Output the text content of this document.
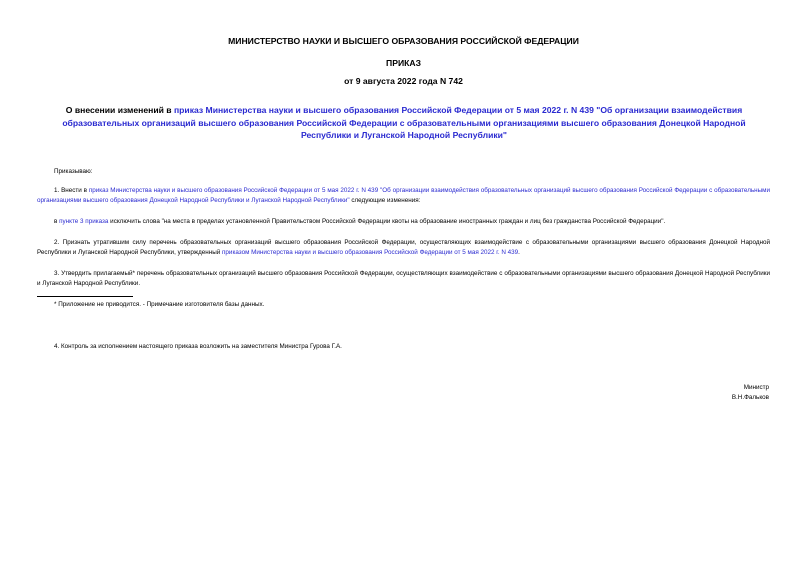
МИНИСТЕРСТВО НАУКИ И ВЫСШЕГО ОБРАЗОВАНИЯ РОССИЙСКОЙ ФЕДЕРАЦИИ
ПРИКАЗ
от 9 августа 2022 года N 742
О внесении изменений в приказ Министерства науки и высшего образования Российской Федерации от 5 мая 2022 г. N 439 "Об организации взаимодействия образовательных организаций высшего образования Российской Федерации с образовательными организациями высшего образования Донецкой Народной Республики и Луганской Народной Республики"
Приказываю:
1. Внести в приказ Министерства науки и высшего образования Российской Федерации от 5 мая 2022 г. N 439 "Об организации взаимодействия образовательных организаций высшего образования Российской Федерации с образовательными организациями высшего образования Донецкой Народной Республики и Луганской Народной Республики" следующие изменения:
в пункте 3 приказа исключить слова "на места в пределах установленной Правительством Российской Федерации квоты на образование иностранных граждан и лиц без гражданства Российской Федерации".
2. Признать утратившим силу перечень образовательных организаций высшего образования Российской Федерации, осуществляющих взаимодействие с образовательными организациями высшего образования Донецкой Народной Республики и Луганской Народной Республики, утвержденный приказом Министерства науки и высшего образования Российской Федерации от 5 мая 2022 г. N 439.
3. Утвердить прилагаемый* перечень образовательных организаций высшего образования Российской Федерации, осуществляющих взаимодействие с образовательными организациями высшего образования Донецкой Народной Республики и Луганской Народной Республики.
* Приложение не приводится. - Примечание изготовителя базы данных.
4. Контроль за исполнением настоящего приказа возложить на заместителя Министра Гурова Г.А.
Министр
В.Н.Фальков
